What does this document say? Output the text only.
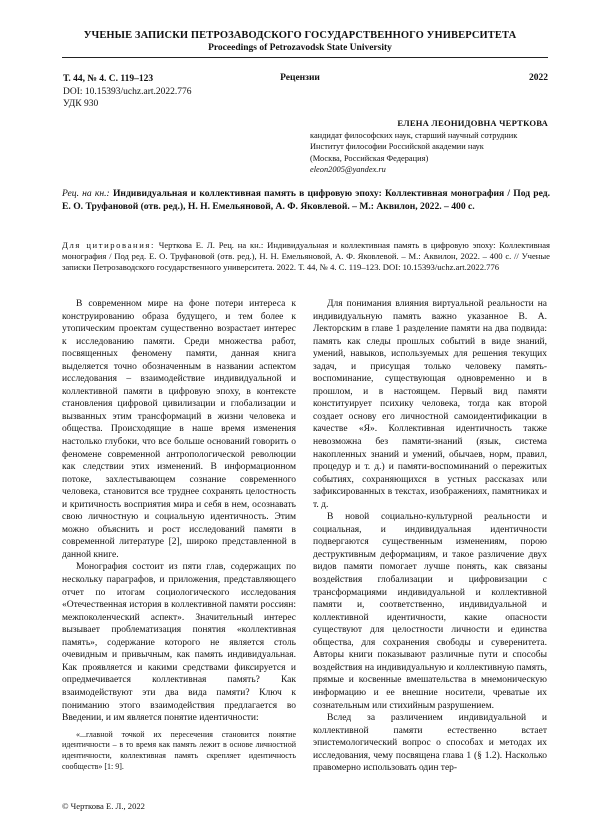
УЧЕНЫЕ ЗАПИСКИ ПЕТРОЗАВОДСКОГО ГОСУДАРСТВЕННОГО УНИВЕРСИТЕТА
Proceedings of Petrozavodsk State University
Т. 44, № 4. С. 119–123
DOI: 10.15393/uchz.art.2022.776
УДК 930
Рецензии	2022
ЕЛЕНА ЛЕОНИДОВНА ЧЕРТКОВА
кандидат философских наук, старший научный сотрудник
Институт философии Российской академии наук
(Москва, Российская Федерация)
eleon2005@yandex.ru
Рец. на кн.: Индивидуальная и коллективная память в цифровую эпоху: Коллективная монография / Под ред. Е. О. Труфановой (отв. ред.), Н. Н. Емельяновой, А. Ф. Яковлевой. – М.: Аквилон, 2022. – 400 с.
Для цитирования: Черткова Е. Л. Рец. на кн.: Индивидуальная и коллективная память в цифровую эпоху: Коллективная монография / Под ред. Е. О. Труфановой (отв. ред.), Н. Н. Емельяновой, А. Ф. Яковлевой. – М.: Аквилон, 2022. – 400 с. // Ученые записки Петрозаводского государственного университета. 2022. Т. 44, № 4. С. 119–123. DOI: 10.15393/uchz.art.2022.776

В современном мире на фоне потери интереса к конструированию образа будущего, и тем более к утопическим проектам существенно возрастает интерес к исследованию памяти. Среди множества работ, посвященных феномену памяти, данная книга выделяется точно обозначенным в названии аспектом исследования – взаимодействие индивидуальной и коллективной памяти в цифровую эпоху, в контексте становления цифровой цивилизации и глобализации и вызванных этим трансформаций в жизни человека и общества. Происходящие в наше время изменения настолько глубоки, что все больше оснований говорить о феномене современной антропологической революции как следствии этих изменений. В информационном потоке, захлестывающем сознание современного человека, становится все труднее сохранять целостность и критичность восприятия мира и себя в нем, осознавать свою личностную и социальную идентичность. Этим можно объяснить и рост исследований памяти в современной литературе [2], широко представленной в данной книге.

Монография состоит из пяти глав, содержащих по нескольку параграфов, и приложения, представляющего отчет по итогам социологического исследования «Отечественная история в коллективной памяти россиян: межпоколенческий аспект». Значительный интерес вызывает проблематизация понятия «коллективная память», содержание которого не является столь очевидным и привычным, как память индивидуальная. Как проявляется и какими средствами фиксируется и опредмечивается коллективная память? Как взаимодействуют эти два вида памяти? Ключ к пониманию этого взаимодействия предлагается во Введении, и им является понятие идентичности:

«...главной точкой их пересечения становится понятие идентичности – в то время как память лежит в основе личностной идентичности, коллективная память скрепляет идентичность сообществ» [1: 9].

Для понимания влияния виртуальной реальности на индивидуальную память важно указанное В. А. Лекторским в главе 1 разделение памяти на два подвида: память как следы прошлых событий в виде знаний, умений, навыков, используемых для решения текущих задач, и присущая только человеку память-воспоминание, существующая одновременно и в прошлом, и в настоящем. Первый вид памяти конституирует психику человека, тогда как второй создает основу его личностной самоидентификации в качестве «Я». Коллективная идентичность также невозможна без памяти-знаний (язык, система накопленных знаний и умений, обычаев, норм, правил, процедур и т. д.) и памяти-воспоминаний о пережитых событиях, сохраняющихся в устных рассказах или зафиксированных в текстах, изображениях, памятниках и т. д.

В новой социально-культурной реальности и социальная, и индивидуальная идентичности подвергаются существенным изменениям, порою деструктивным деформациям, и такое различение двух видов памяти помогает лучше понять, как связаны воздействия глобализации и цифровизации с трансформациями индивидуальной и коллективной памяти и, соответственно, индивидуальной и коллективной идентичности, какие опасности существуют для целостности личности и единства общества, для сохранения свободы и суверенитета. Авторы книги показывают различные пути и способы воздействия на индивидуальную и коллективную память, прямые и косвенные вмешательства в мнемоническую информацию и ее внешние носители, чреватые их сознательным или стихийным разрушением.

Вслед за различением индивидуальной и коллективной памяти естественно встает эпистемологический вопрос о способах и методах их исследования, чему посвящена глава 1 (§ 1.2). Насколько правомерно использовать один тер-

© Черткова Е. Л., 2022
